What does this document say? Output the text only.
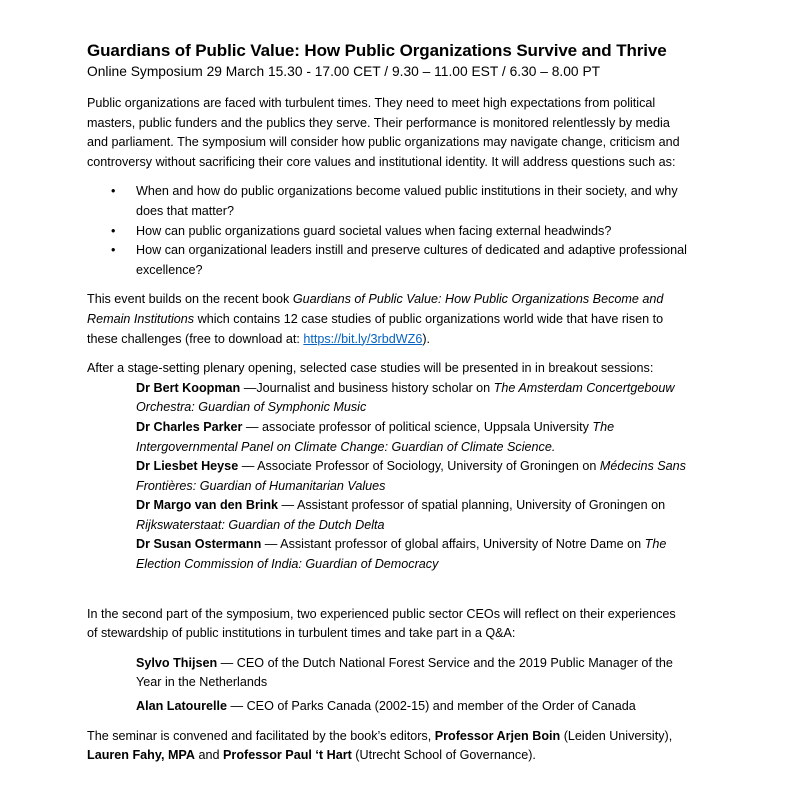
Guardians of Public Value: How Public Organizations Survive and Thrive
Online Symposium 29 March 15.30 - 17.00 CET / 9.30 – 11.00 EST / 6.30 – 8.00 PT

Public organizations are faced with turbulent times. They need to meet high expectations from political masters, public funders and the publics they serve. Their performance is monitored relentlessly by media and parliament. The symposium will consider how public organizations may navigate change, criticism and controversy without sacrificing their core values and institutional identity. It will address questions such as:

• When and how do public organizations become valued public institutions in their society, and why does that matter?
• How can public organizations guard societal values when facing external headwinds?
• How can organizational leaders instill and preserve cultures of dedicated and adaptive professional excellence?

This event builds on the recent book Guardians of Public Value: How Public Organizations Become and Remain Institutions which contains 12 case studies of public organizations world wide that have risen to these challenges (free to download at: https://bit.ly/3rbdWZ6).

After a stage-setting plenary opening, selected case studies will be presented in in breakout sessions:

Dr Bert Koopman —Journalist and business history scholar on The Amsterdam Concertgebouw Orchestra: Guardian of Symphonic Music
Dr Charles Parker — associate professor of political science, Uppsala University The Intergovernmental Panel on Climate Change: Guardian of Climate Science.
Dr Liesbet Heyse — Associate Professor of Sociology, University of Groningen on Médecins Sans Frontières: Guardian of Humanitarian Values
Dr Margo van den Brink — Assistant professor of spatial planning, University of Groningen on Rijkswaterstaat: Guardian of the Dutch Delta
Dr Susan Ostermann — Assistant professor of global affairs, University of Notre Dame on The Election Commission of India: Guardian of Democracy

In the second part of the symposium, two experienced public sector CEOs will reflect on their experiences of stewardship of public institutions in turbulent times and take part in a Q&A:

Sylvo Thijsen — CEO of the Dutch National Forest Service and the 2019 Public Manager of the Year in the Netherlands
Alan Latourelle — CEO of Parks Canada (2002-15) and member of the Order of Canada

The seminar is convened and facilitated by the book’s editors, Professor Arjen Boin (Leiden University), Lauren Fahy, MPA and Professor Paul ‘t Hart (Utrecht School of Governance).
